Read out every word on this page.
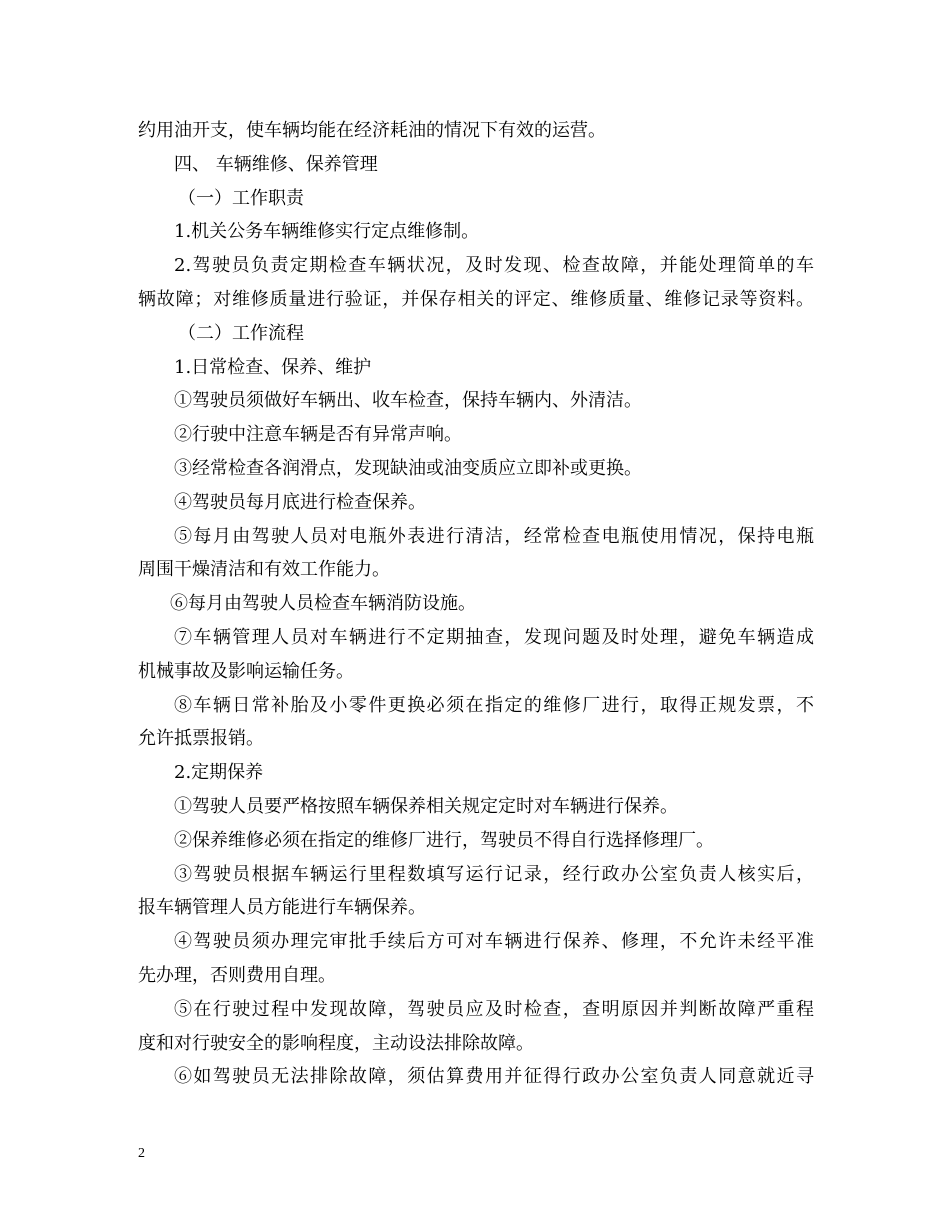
约用油开支，使车辆均能在经济耗油的情况下有效的运营。
四、 车辆维修、保养管理
（一）工作职责
1.机关公务车辆维修实行定点维修制。
2.驾驶员负责定期检查车辆状况，及时发现、检查故障，并能处理简单的车
辆故障；对维修质量进行验证，并保存相关的评定、维修质量、维修记录等资料。
（二）工作流程
1.日常检查、保养、维护
①驾驶员须做好车辆出、收车检查，保持车辆内、外清洁。
②行驶中注意车辆是否有异常声响。
③经常检查各润滑点，发现缺油或油变质应立即补或更换。
④驾驶员每月底进行检查保养。
⑤每月由驾驶人员对电瓶外表进行清洁，经常检查电瓶使用情况，保持电瓶
周围干燥清洁和有效工作能力。
⑥每月由驾驶人员检查车辆消防设施。
⑦车辆管理人员对车辆进行不定期抽查，发现问题及时处理，避免车辆造成
机械事故及影响运输任务。
⑧车辆日常补胎及小零件更换必须在指定的维修厂进行，取得正规发票，不
允许抵票报销。
2.定期保养
①驾驶人员要严格按照车辆保养相关规定定时对车辆进行保养。
②保养维修必须在指定的维修厂进行，驾驶员不得自行选择修理厂。
③驾驶员根据车辆运行里程数填写运行记录，经行政办公室负责人核实后，
报车辆管理人员方能进行车辆保养。
④驾驶员须办理完审批手续后方可对车辆进行保养、修理，不允许未经平准
先办理，否则费用自理。
⑤在行驶过程中发现故障，驾驶员应及时检查，查明原因并判断故障严重程
度和对行驶安全的影响程度，主动设法排除故障。
⑥如驾驶员无法排除故障，须估算费用并征得行政办公室负责人同意就近寻
2
